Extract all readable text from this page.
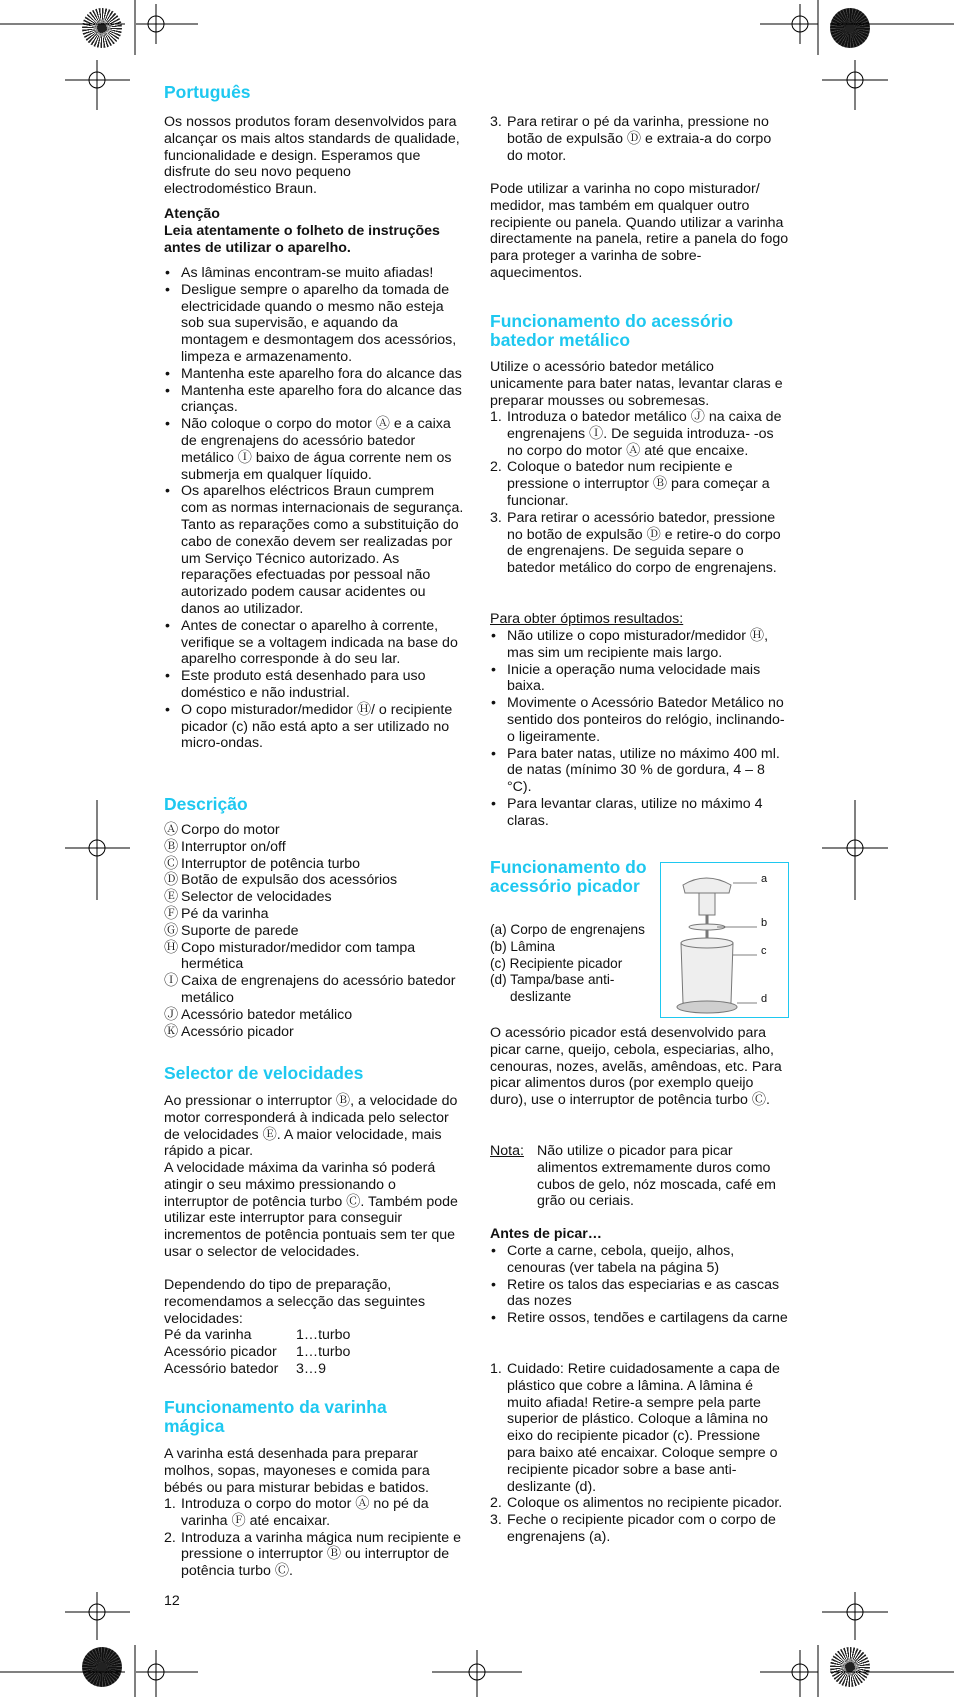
Português

Os nossos produtos foram desenvolvidos para alcançar os mais altos standards de qualidade, funcionalidade e design. Esperamos que disfrute do seu novo pequeno electrodoméstico Braun.

Atenção

Leia atentamente o folheto de instruções antes de utilizar o aparelho.

• As lâminas encontram-se muito afiadas!
• Desligue sempre o aparelho da tomada de electricidade quando o mesmo não esteja sob sua supervisão, e aquando da montagem e desmontagem dos acessórios, limpeza e armazenamento.
• Mantenha este aparelho fora do alcance das
• Mantenha este aparelho fora do alcance das crianças.
• Não coloque o corpo do motor Ⓐ e a caixa de engrenajens do acessório batedor metálico Ⓘ baixo de água corrente nem os submerja em qualquer líquido.
• Os aparelhos eléctricos Braun cumprem com as normas internacionais de segurança. Tanto as reparações como a substituição do cabo de conexão devem ser realizadas por um Serviço Técnico autorizado. As reparações efectuadas por pessoal não autorizado podem causar acidentes ou danos ao utilizador.
• Antes de conectar o aparelho à corrente, verifique se a voltagem indicada na base do aparelho corresponde à do seu lar.
• Este produto está desenhado para uso doméstico e não industrial.
• O copo misturador/medidor Ⓗ/ o recipiente picador (c) não está apto a ser utilizado no micro-ondas.
Descrição
Ⓐ Corpo do motor
Ⓑ Interruptor on/off
Ⓒ Interruptor de potência turbo
Ⓓ Botão de expulsão dos acessórios
Ⓔ Selector de velocidades
Ⓕ Pé da varinha
Ⓖ Suporte de parede
Ⓗ Copo misturador/medidor com tampa hermética
Ⓘ Caixa de engrenajens do acessório batedor metálico
Ⓙ Acessório batedor metálico
Ⓚ Acessório picador
Selector de velocidades

Ao pressionar o interruptor Ⓑ, a velocidade do motor corresponderá à indicada pelo selector de velocidades Ⓔ. A maior velocidade, mais rápido a picar.

A velocidade máxima da varinha só poderá atingir o seu máximo pressionando o interruptor de potência turbo Ⓒ. Também pode utilizar este interruptor para conseguir incrementos de potência pontuais sem ter que usar o selector de velocidades.

Dependendo do tipo de preparação, recomendamos a selecção das seguintes velocidades:

Pé da varinha	1…turbo
Acessório picador 1…turbo
Acessório batedor 3…9
Funcionamento da varinha mágica

A varinha está desenhada para preparar molhos, sopas, mayoneses e comida para bébés ou para misturar bebidas e batidos.

1. Introduza o corpo do motor Ⓐ no pé da varinha Ⓕ até encaixar.
2. Introduza a varinha mágica num recipiente e pressione o interruptor Ⓑ ou interruptor de potência turbo Ⓒ.

12

3. Para retirar o pé da varinha, pressione no botão de expulsão Ⓓ e extraia-a do corpo do motor.

Pode utilizar a varinha no copo misturador/ medidor, mas também em qualquer outro recipiente ou panela. Quando utilizar a varinha directamente na panela, retire a panela do fogo para proteger a varinha de sobre-aquecimentos.

Funcionamento do acessório batedor metálico

Utilize o acessório batedor metálico unicamente para bater natas, levantar claras e preparar mousses ou sobremesas.

1. Introduza o batedor metálico Ⓙ na caixa de engrenajens Ⓘ. De seguida introduza- -os no corpo do motor Ⓐ até que encaixe.
2. Coloque o batedor num recipiente e pressione o interruptor Ⓑ para começar a funcionar.
3. Para retirar o acessório batedor, pressione no botão de expulsão Ⓓ e retire-o do corpo de engrenajens. De seguida separe o batedor metálico do corpo de engrenajens.

Para obter óptimos resultados:

• Não utilize o copo misturador/medidor Ⓗ, mas sim um recipiente mais largo.
• Inicie a operação numa velocidade mais baixa.
• Movimente o Acessório Batedor Metálico no sentido dos ponteiros do relógio, inclinando-o ligeiramente.
• Para bater natas, utilize no máximo 400 ml. de natas (mínimo 30 % de gordura, 4 – 8 °C).
• Para levantar claras, utilize no máximo 4 claras.
Funcionamento do acessório picador
(a) Corpo de engrenajens
(b) Lâmina
(c) Recipiente picador
(d) Tampa/base anti-deslizante

O acessório picador está desenvolvido para picar carne, queijo, cebola, especiarias, alho, cenouras, nozes, avelãs, amêndoas, etc. Para picar alimentos duros (por exemplo queijo duro), use o interruptor de potência turbo Ⓒ.

Nota: Não utilize o picador para picar alimentos extremamente duros como cubos de gelo, nóz moscada, café em grão ou ceriais.

Antes de picar…

• Corte a carne, cebola, queijo, alhos, cenouras (ver tabela na página 5)
• Retire os talos das especiarias e as cascas das nozes
• Retire ossos, tendões e cartilagens da carne
1. Cuidado: Retire cuidadosamente a capa de plástico que cobre a lâmina. A lâmina é muito afiada! Retire-a sempre pela parte superior de plástico. Coloque a lâmina no eixo do recipiente picador (c). Pressione para baixo até encaixar. Coloque sempre o recipiente picador sobre a base anti-deslizante (d).
2. Coloque os alimentos no recipiente picador.
3. Feche o recipiente picador com o corpo de engrenajens (a).
a
b
c
d
